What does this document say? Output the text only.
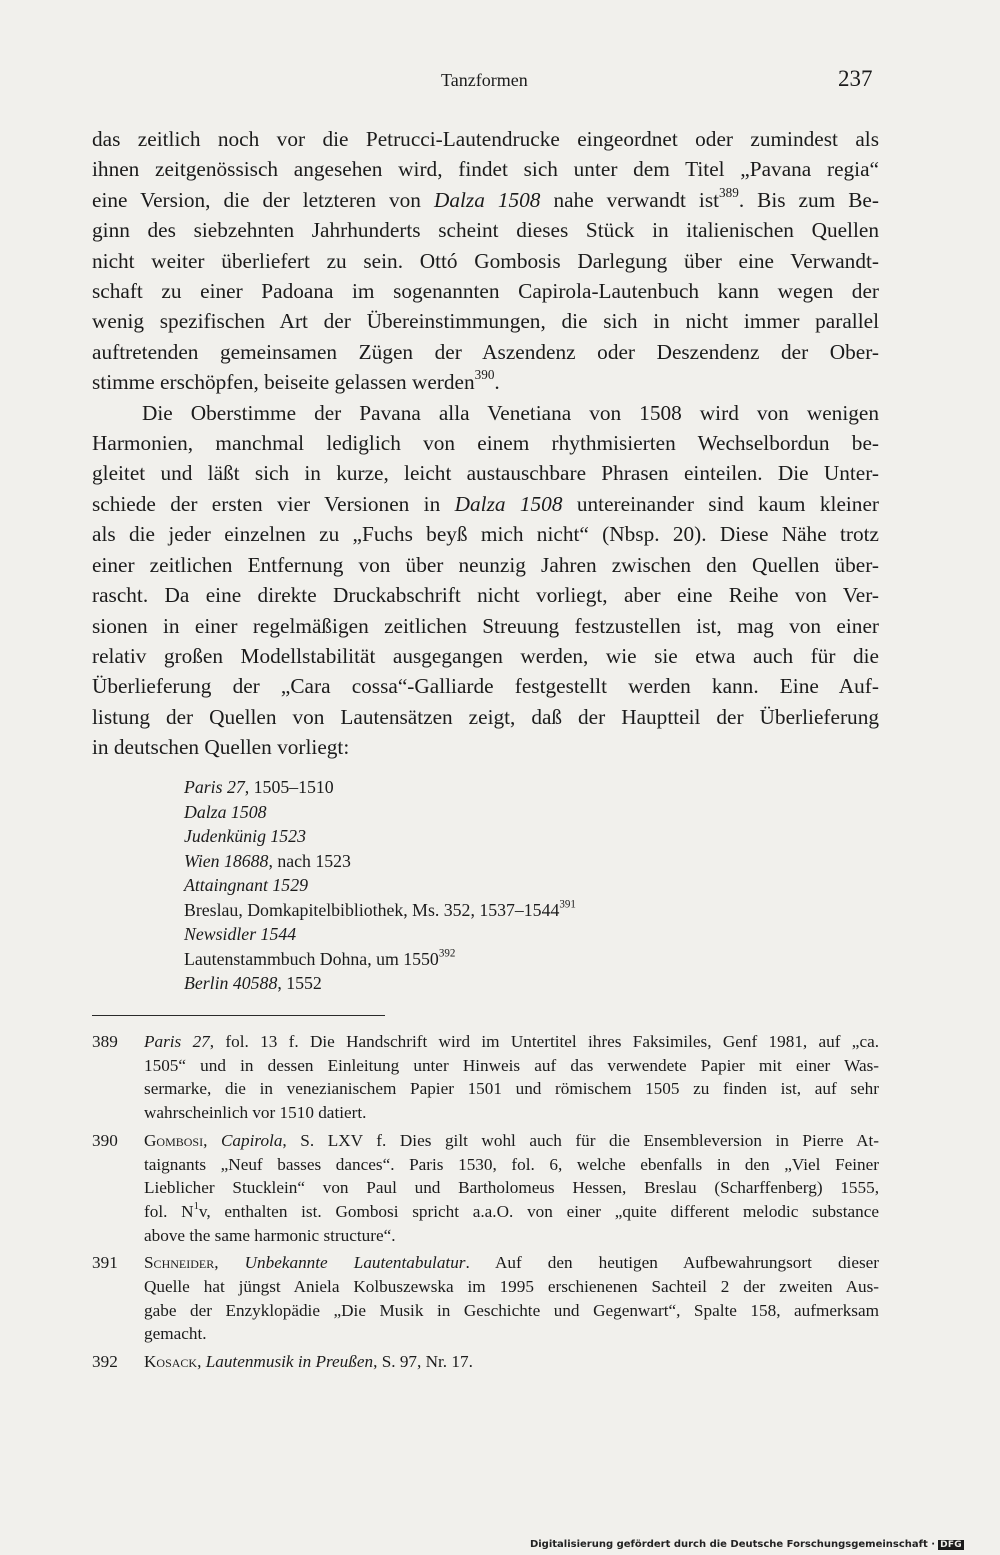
Tanzformen	237
das zeitlich noch vor die Petrucci-Lautendrucke eingeordnet oder zumindest als
ihnen zeitgenössisch angesehen wird, findet sich unter dem Titel „Pavana regia“
eine Version, die der letzteren von Dalza 1508 nahe verwandt ist$^{389}$. Bis zum Be-
ginn des siebzehnten Jahrhunderts scheint dieses Stück in italienischen Quellen
nicht weiter überliefert zu sein. Ottó Gombosis Darlegung über eine Verwandt-
schaft zu einer Padoana im sogenannten Capirola-Lautenbuch kann wegen der
wenig spezifischen Art der Übereinstimmungen, die sich in nicht immer parallel
auftretenden gemeinsamen Zügen der Aszendenz oder Deszendenz der Ober-
stimme erschöpfen, beiseite gelassen werden$^{390}$.
Die Oberstimme der Pavana alla Venetiana von 1508 wird von wenigen
Harmonien, manchmal lediglich von einem rhythmisierten Wechselbordun be-
gleitet und läßt sich in kurze, leicht austauschbare Phrasen einteilen. Die Unter-
schiede der ersten vier Versionen in Dalza 1508 untereinander sind kaum kleiner
als die jeder einzelnen zu „Fuchs beyß mich nicht“ (Nbsp. 20). Diese Nähe trotz
einer zeitlichen Entfernung von über neunzig Jahren zwischen den Quellen über-
rascht. Da eine direkte Druckabschrift nicht vorliegt, aber eine Reihe von Ver-
sionen in einer regelmäßigen zeitlichen Streuung festzustellen ist, mag von einer
relativ großen Modellstabilität ausgegangen werden, wie sie etwa auch für die
Überlieferung der „Cara cossa“-Galliarde festgestellt werden kann. Eine Auf-
listung der Quellen von Lautensätzen zeigt, daß der Hauptteil der Überlieferung
in deutschen Quellen vorliegt:
Paris 27, 1505–1510
Dalza 1508
Judenkünig 1523
Wien 18688, nach 1523
Attaingnant 1529
Breslau, Domkapitelbibliothek, Ms. 352, 1537–1544$^{391}$
Newsidler 1544
Lautenstammbuch Dohna, um 1550$^{392}$
Berlin 40588, 1552
389 Paris 27, fol. 13 f. Die Handschrift wird im Untertitel ihres Faksimiles, Genf 1981, auf „ca.
1505“ und in dessen Einleitung unter Hinweis auf das verwendete Papier mit einer Was-
sermarke, die in venezianischem Papier 1501 und römischem 1505 zu finden ist, auf sehr
wahrscheinlich vor 1510 datiert.
390 Gombosi, Capirola, S. LXV f. Dies gilt wohl auch für die Ensembleversion in Pierre At-
taignants „Neuf basses dances“. Paris 1530, fol. 6, welche ebenfalls in den „Viel Feiner
Lieblicher Stucklein“ von Paul und Bartholomeus Hessen, Breslau (Scharffenberg) 1555,
fol. $N^1v$, enthalten ist. Gombosi spricht a.a.O. von einer „quite different melodic substance
above the same harmonic structure“.
391 Schneider, Unbekannte Lautentabulatur. Auf den heutigen Aufbewahrungsort dieser
Quelle hat jüngst Aniela Kolbuszewska im 1995 erschienenen Sachteil 2 der zweiten Aus-
gabe der Enzyklopädie „Die Musik in Geschichte und Gegenwart“, Spalte 158, aufmerksam
gemacht.
392 Kosack, Lautenmusik in Preußen, S. 97, Nr. 17.
Digitalisierung gefördert durch die Deutsche Forschungsgemeinschaft · DFG
